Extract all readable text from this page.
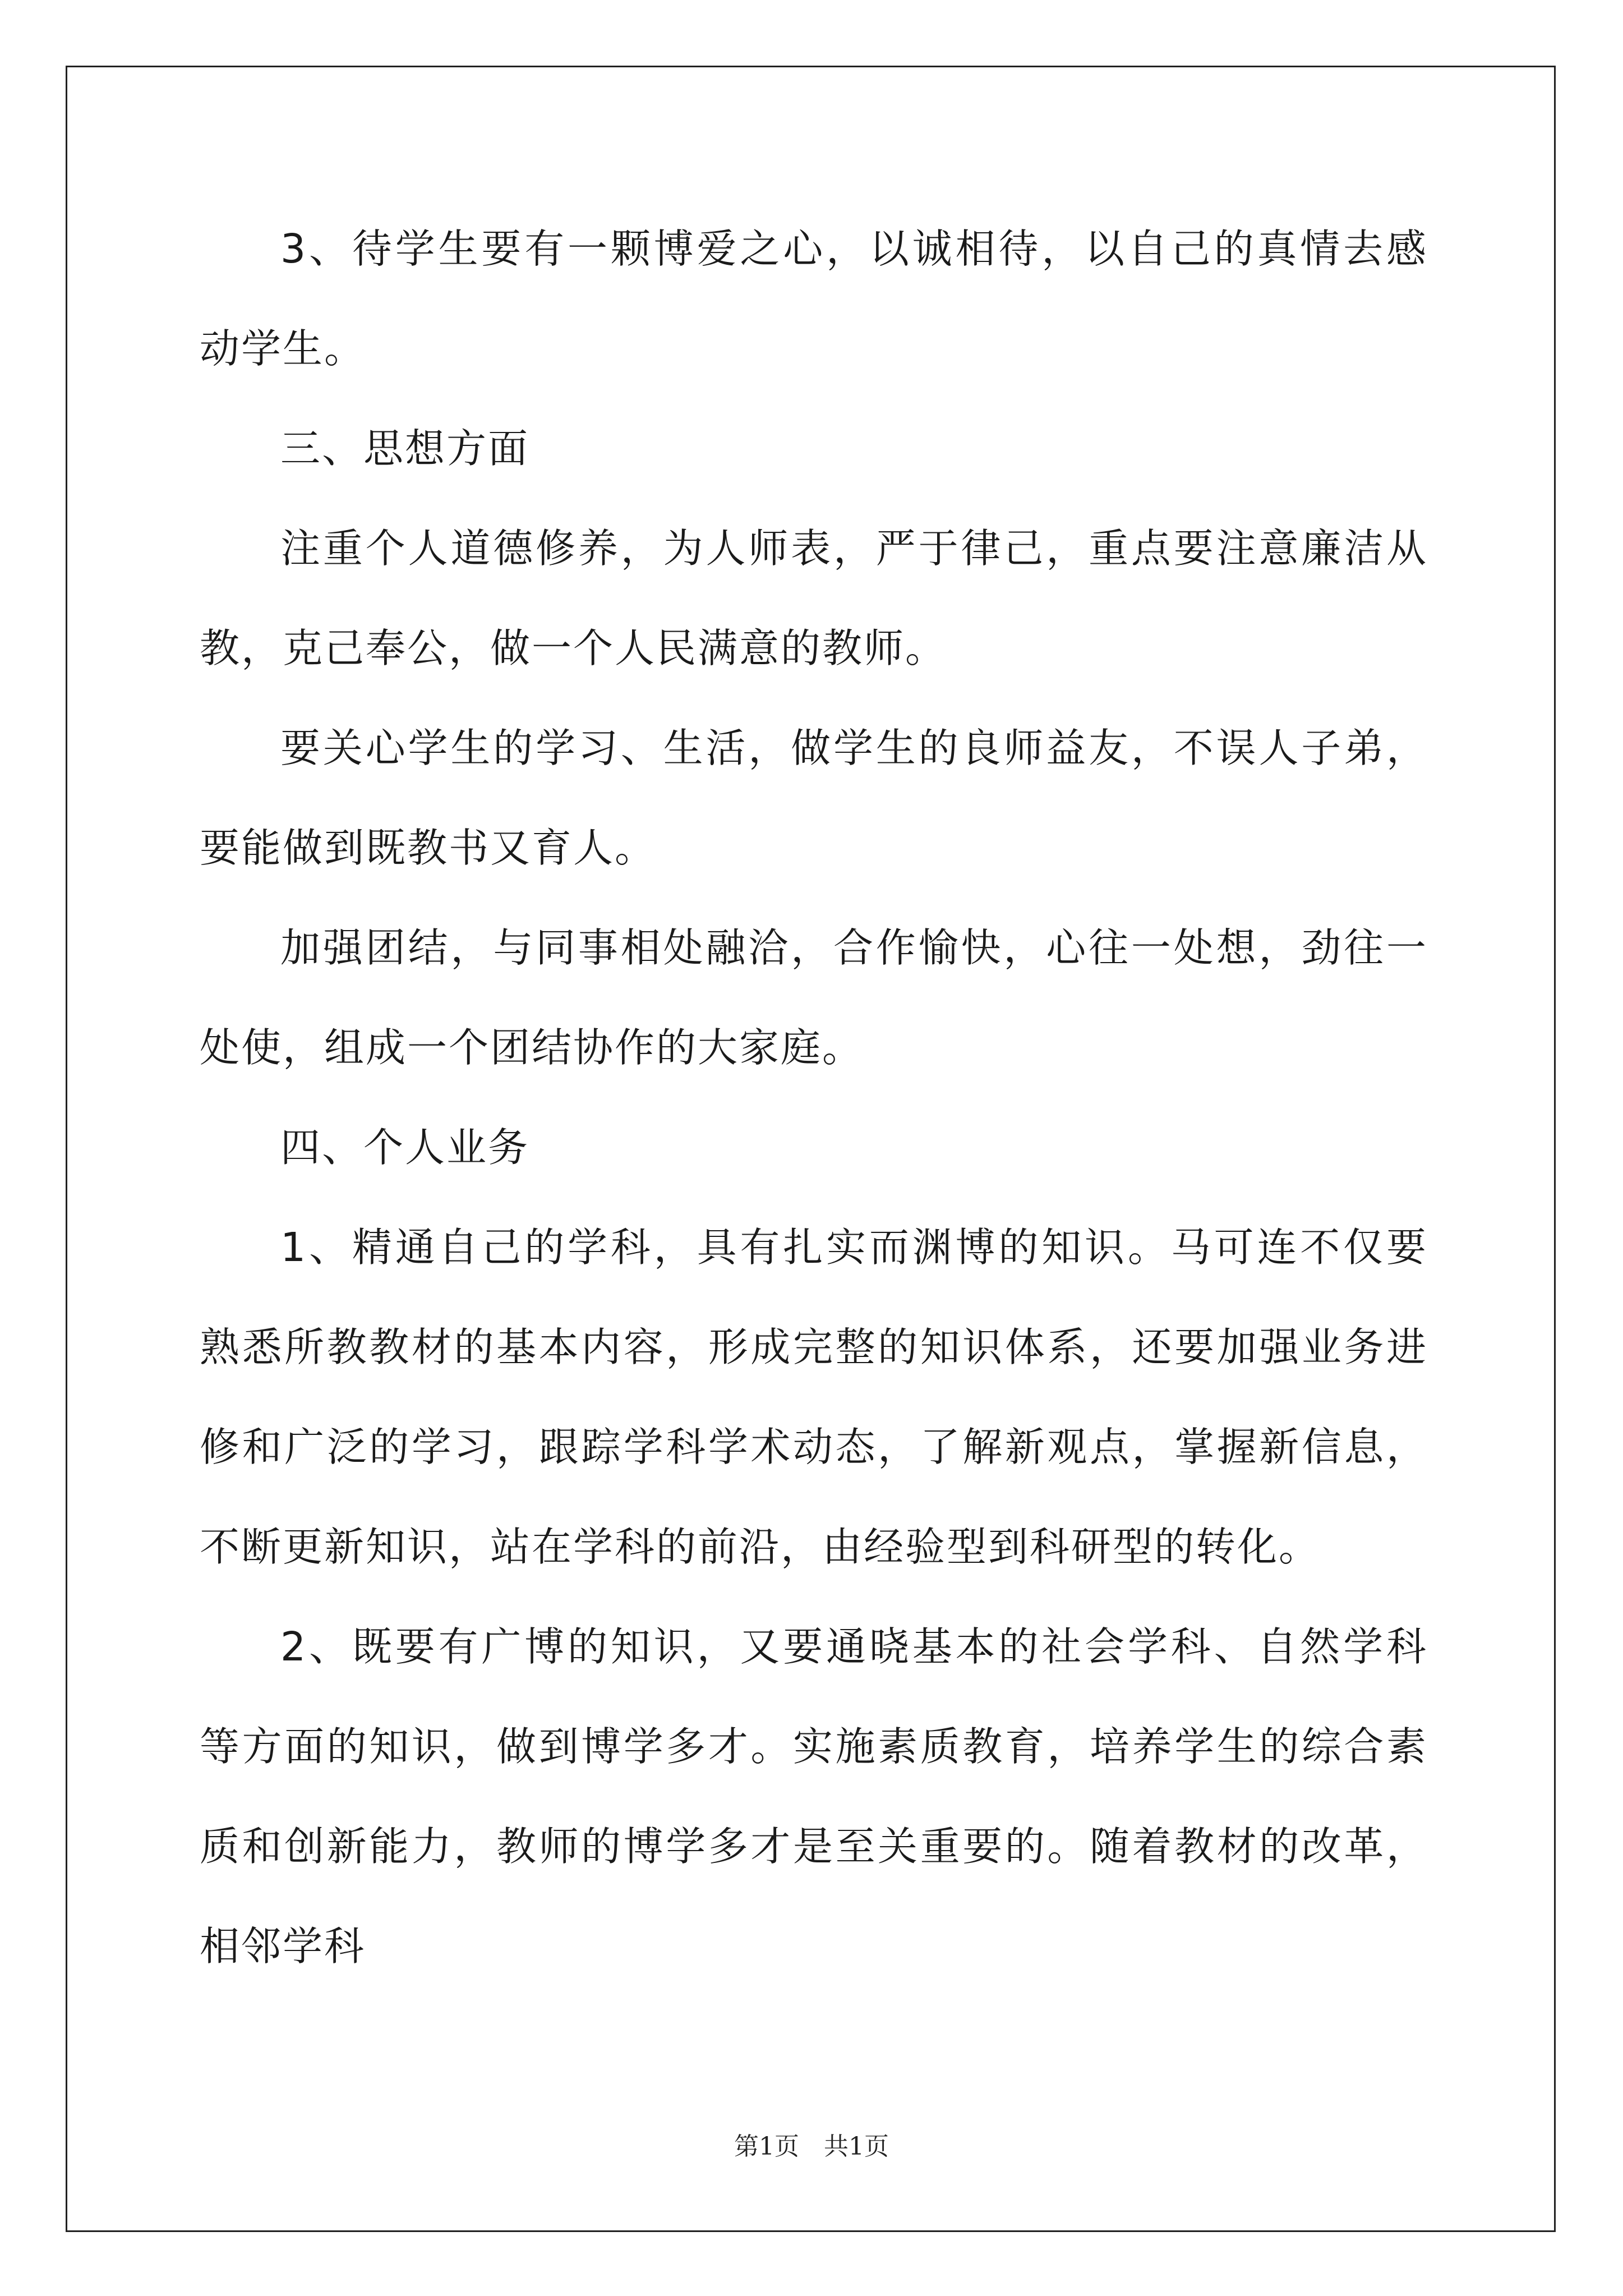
3、待学生要有一颗博爱之心，以诚相待，以自己的真情去感动学生。

三、思想方面

注重个人道德修养，为人师表，严于律己，重点要注意廉洁从教，克己奉公，做一个人民满意的教师。

要关心学生的学习、生活，做学生的良师益友，不误人子弟，要能做到既教书又育人。

加强团结，与同事相处融洽，合作愉快，心往一处想，劲往一处使，组成一个团结协作的大家庭。

四、个人业务

1、精通自己的学科，具有扎实而渊博的知识。马可连不仅要熟悉所教教材的基本内容，形成完整的知识体系，还要加强业务进修和广泛的学习，跟踪学科学术动态，了解新观点，掌握新信息，不断更新知识，站在学科的前沿，由经验型到科研型的转化。

2、既要有广博的知识，又要通晓基本的社会学科、自然学科等方面的知识，做到博学多才。实施素质教育，培养学生的综合素质和创新能力，教师的博学多才是至关重要的。随着教材的改革，相邻学科

第1页　共1页
